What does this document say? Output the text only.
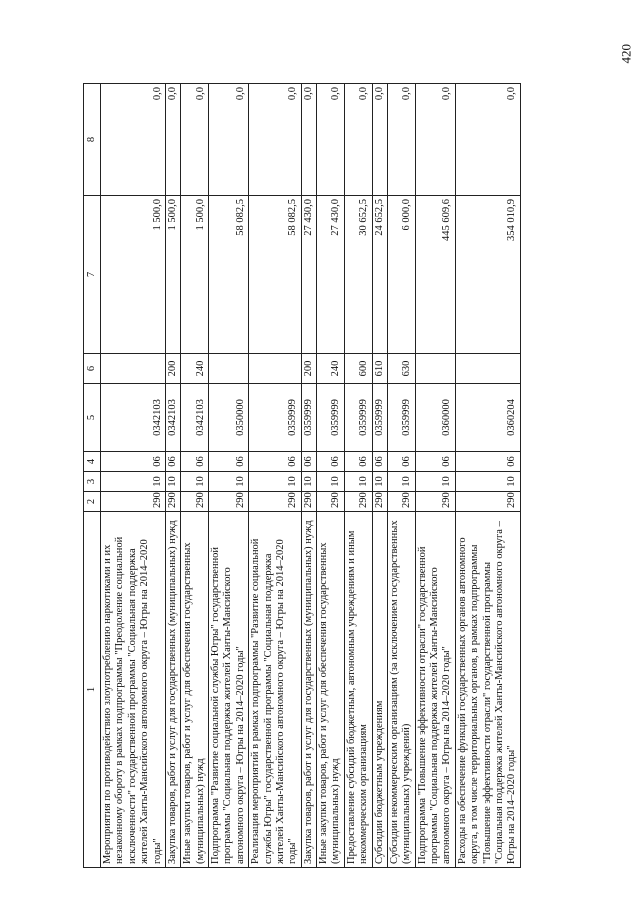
420
1	2	3	4	5	6	7	8
Мероприятия по противодействию злоупотреблению наркотиками и их незаконному обороту в рамках подпрограммы "Преодоление социальной исключенности" государственной программы "Социальная поддержка жителей Ханты-Мансийского автономного округа – Югры на 2014–2020 годы"	290	10	06	0342103		1 500,0	0,0
Закупка товаров, работ и услуг для государственных (муниципальных) нужд	290	10	06	0342103	200	1 500,0	0,0
Иные закупки товаров, работ и услуг для обеспечения государственных (муниципальных) нужд	290	10	06	0342103	240	1 500,0	0,0
Подпрограмма "Развитие социальной службы Югры" государственной программы "Социальная поддержка жителей Ханты-Мансийского автономного округа – Югры на 2014–2020 годы"	290	10	06	0350000		58 082,5	0,0
Реализация мероприятий в рамках подпрограммы "Развитие социальной службы Югры" государственной программы "Социальная поддержка жителей Ханты-Мансийского автономного округа – Югры на 2014–2020 годы"	290	10	06	0359999		58 082,5	0,0
Закупка товаров, работ и услуг для государственных (муниципальных) нужд	290	10	06	0359999	200	27 430,0	0,0
Иные закупки товаров, работ и услуг для обеспечения государственных (муниципальных) нужд	290	10	06	0359999	240	27 430,0	0,0
Предоставление субсидий бюджетным, автономным учреждениям и иным некоммерческим организациям	290	10	06	0359999	600	30 652,5	0,0
Субсидии бюджетным учреждениям	290	10	06	0359999	610	24 652,5	0,0
Субсидии некоммерческим организациям (за исключением государственных (муниципальных) учреждений)	290	10	06	0359999	630	6 000,0	0,0
Подпрограмма "Повышение эффективности отрасли" государственной программы "Социальная поддержка жителей Ханты-Мансийского автономного округа – Югры на 2014–2020 годы"	290	10	06	0360000		445 609,6	0,0
Расходы на обеспечение функций государственных органов автономного округа, в том числе территориальных органов, в рамках подпрограммы "Повышение эффективности отрасли" государственной программы "Социальная поддержка жителей Ханты-Мансийского автономного округа – Югры на 2014–2020 годы"	290	10	06	0360204		354 010,9	0,0
